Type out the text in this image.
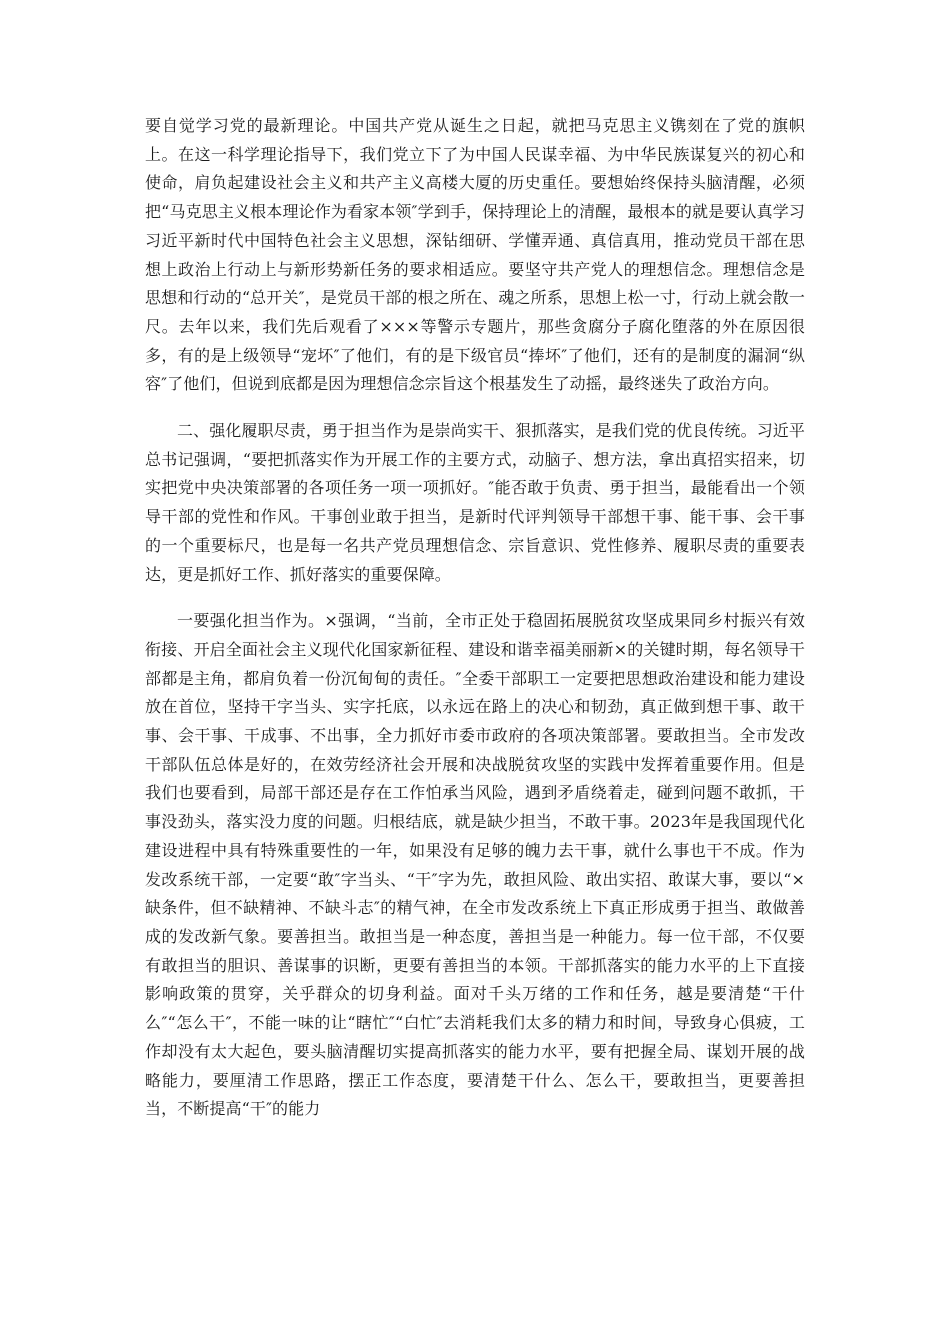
要自觉学习党的最新理论。中国共产党从诞生之日起，就把马克思主义镌刻在了党的旗帜上。在这一科学理论指导下，我们党立下了为中国人民谋幸福、为中华民族谋复兴的初心和使命，肩负起建设社会主义和共产主义高楼大厦的历史重任。要想始终保持头脑清醒，必须把“马克思主义根本理论作为看家本领″学到手，保持理论上的清醒，最根本的就是要认真学习习近平新时代中国特色社会主义思想，深钻细研、学懂弄通、真信真用，推动党员干部在思想上政治上行动上与新形势新任务的要求相适应。要坚守共产党人的理想信念。理想信念是思想和行动的“总开关″，是党员干部的根之所在、魂之所系，思想上松一寸，行动上就会散一尺。去年以来，我们先后观看了×××等警示专题片，那些贪腐分子腐化堕落的外在原因很多，有的是上级领导“宠坏″了他们，有的是下级官员“捧坏″了他们，还有的是制度的漏洞“纵容″了他们，但说到底都是因为理想信念宗旨这个根基发生了动摇，最终迷失了政治方向。

二、强化履职尽责，勇于担当作为是崇尚实干、狠抓落实，是我们党的优良传统。习近平总书记强调，“要把抓落实作为开展工作的主要方式，动脑子、想方法，拿出真招实招来，切实把党中央决策部署的各项任务一项一项抓好。″能否敢于负责、勇于担当，最能看出一个领导干部的党性和作风。干事创业敢于担当，是新时代评判领导干部想干事、能干事、会干事的一个重要标尺，也是每一名共产党员理想信念、宗旨意识、党性修养、履职尽责的重要表达，更是抓好工作、抓好落实的重要保障。

一要强化担当作为。×强调，“当前，全市正处于稳固拓展脱贫攻坚成果同乡村振兴有效衔接、开启全面社会主义现代化国家新征程、建设和谐幸福美丽新×的关键时期，每名领导干部都是主角，都肩负着一份沉甸甸的责任。″全委干部职工一定要把思想政治建设和能力建设放在首位，坚持干字当头、实字托底，以永远在路上的决心和韧劲，真正做到想干事、敢干事、会干事、干成事、不出事，全力抓好市委市政府的各项决策部署。要敢担当。全市发改干部队伍总体是好的，在效劳经济社会开展和决战脱贫攻坚的实践中发挥着重要作用。但是我们也要看到，局部干部还是存在工作怕承当风险，遇到矛盾绕着走，碰到问题不敢抓，干事没劲头，落实没力度的问题。归根结底，就是缺少担当，不敢干事。2023年是我国现代化建设进程中具有特殊重要性的一年，如果没有足够的魄力去干事，就什么事也干不成。作为发改系统干部，一定要“敢″字当头、“干″字为先，敢担风险、敢出实招、敢谋大事，要以“×缺条件，但不缺精神、不缺斗志″的精气神，在全市发改系统上下真正形成勇于担当、敢做善成的发改新气象。要善担当。敢担当是一种态度，善担当是一种能力。每一位干部，不仅要有敢担当的胆识、善谋事的识断，更要有善担当的本领。干部抓落实的能力水平的上下直接影响政策的贯穿，关乎群众的切身利益。面对千头万绪的工作和任务，越是要清楚“干什么″“怎么干″，不能一味的让“瞎忙″“白忙″去消耗我们太多的精力和时间，导致身心俱疲，工作却没有太大起色，要头脑清醒切实提高抓落实的能力水平，要有把握全局、谋划开展的战略能力，要厘清工作思路，摆正工作态度，要清楚干什么、怎么干，要敢担当，更要善担当，不断提高“干″的能力
